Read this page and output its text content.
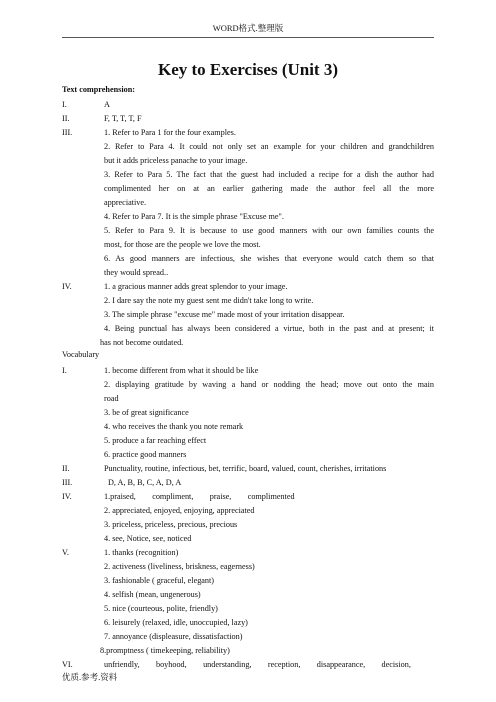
WORD格式.整理版
Key to Exercises (Unit 3)
Text comprehension:
I.	A
II.	F, T, T, T, F
III.	1. Refer to Para 1 for the four examples.
2. Refer to Para 4. It could not only set an example for your children and grandchildren
but it adds priceless panache to your image.
3. Refer to Para 5. The fact that the guest had included a recipe for a dish the author had
complimented her on at an earlier gathering made the author feel all the more
appreciative.
4. Refer to Para 7. It is the simple phrase "Excuse me".
5. Refer to Para 9. It is because to use good manners with our own families counts the
most, for those are the people we love the most.
6. As good manners are infectious, she wishes that everyone would catch them so that
they would spread..
IV.	1. a gracious manner adds great splendor to your image.
2. I dare say the note my guest sent me didn't take long to write.
3. The simple phrase "excuse me" made most of your irritation disappear.
4. Being punctual has always been considered a virtue, both in the past and at present; it
has not become outdated.
Vocabulary
I.	1. become different from what it should be like
2. displaying gratitude by waving a hand or nodding the head; move out onto the main
road
3. be of great significance
4. who receives the thank you note remark
5. produce a far reaching effect
6. practice good manners
II.	Punctuality, routine, infectious, bet, terrific, board, valued, count, cherishes, irritations
III.	D, A, B, B, C, A, D, A
IV.	1.praised,        compliment,        praise,        complimented
2. appreciated, enjoyed, enjoying, appreciated
3. priceless, priceless, precious, precious
4. see, Notice, see, noticed
V.	1. thanks (recognition)
2. activeness (liveliness, briskness, eagerness)
3. fashionable ( graceful, elegant)
4. selfish (mean, ungenerous)
5. nice (courteous, polite, friendly)
6. leisurely (relaxed, idle, unoccupied, lazy)
7. annoyance (displeasure, dissatisfaction)
8.promptness ( timekeeping, reliability)
VI.	unfriendly,        boyhood,        understanding,        reception,        disappearance,        decision,
优质.参考.资料
